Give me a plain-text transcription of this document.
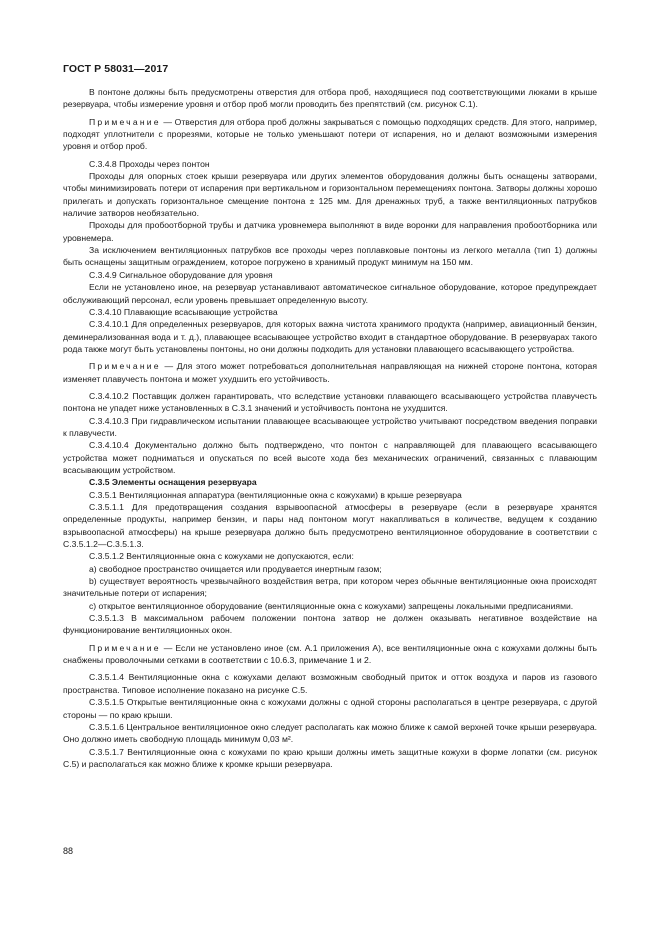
ГОСТ Р 58031—2017

В понтоне должны быть предусмотрены отверстия для отбора проб, находящиеся под соответствующими люками в крыше резервуара, чтобы измерение уровня и отбор проб могли проводить без препятствий (см. рисунок С.1).

Примечание — Отверстия для отбора проб должны закрываться с помощью подходящих средств. Для этого, например, подходят уплотнители с прорезями, которые не только уменьшают потери от испарения, но и делают возможными измерения уровня и отбор проб.

С.3.4.8 Проходы через понтон

Проходы для опорных стоек крыши резервуара или других элементов оборудования должны быть оснащены затворами, чтобы минимизировать потери от испарения при вертикальном и горизонтальном перемещениях понтона. Затворы должны хорошо прилегать и допускать горизонтальное смещение понтона ± 125 мм. Для дренажных труб, а также вентиляционных патрубков наличие затворов необязательно.

Проходы для пробоотборной трубы и датчика уровнемера выполняют в виде воронки для направления пробоотборника или уровнемера.

За исключением вентиляционных патрубков все проходы через поплавковые понтоны из легкого металла (тип 1) должны быть оснащены защитным ограждением, которое погружено в хранимый продукт минимум на 150 мм.

С.3.4.9 Сигнальное оборудование для уровня

Если не установлено иное, на резервуар устанавливают автоматическое сигнальное оборудование, которое предупреждает обслуживающий персонал, если уровень превышает определенную высоту.

С.3.4.10 Плавающие всасывающие устройства

С.3.4.10.1 Для определенных резервуаров, для которых важна чистота хранимого продукта (например, авиационный бензин, деминерализованная вода и т. д.), плавающее всасывающее устройство входит в стандартное оборудование. В резервуарах такого рода также могут быть установлены понтоны, но они должны подходить для установки плавающего всасывающего устройства.

Примечание — Для этого может потребоваться дополнительная направляющая на нижней стороне понтона, которая изменяет плавучесть понтона и может ухудшить его устойчивость.

С.3.4.10.2 Поставщик должен гарантировать, что вследствие установки плавающего всасывающего устройства плавучесть понтона не упадет ниже установленных в С.3.1 значений и устойчивость понтона не ухудшится.

С.3.4.10.3 При гидравлическом испытании плавающее всасывающее устройство учитывают посредством введения поправки к плавучести.

С.3.4.10.4 Документально должно быть подтверждено, что понтон с направляющей для плавающего всасывающего устройства может подниматься и опускаться по всей высоте хода без механических ограничений, связанных с плавающим всасывающим устройством.

С.3.5 Элементы оснащения резервуара

С.3.5.1 Вентиляционная аппаратура (вентиляционные окна с кожухами) в крыше резервуара

С.3.5.1.1 Для предотвращения создания взрывоопасной атмосферы в резервуаре (если в резервуаре хранятся определенные продукты, например бензин, и пары над понтоном могут накапливаться в количестве, ведущем к созданию взрывоопасной атмосферы) на крыше резервуара должно быть предусмотрено вентиляционное оборудование в соответствии с С.3.5.1.2—С.3.5.1.3.

С.3.5.1.2 Вентиляционные окна с кожухами не допускаются, если:

а) свободное пространство очищается или продувается инертным газом;

b) существует вероятность чрезвычайного воздействия ветра, при котором через обычные вентиляционные окна происходят значительные потери от испарения;

с) открытое вентиляционное оборудование (вентиляционные окна с кожухами) запрещены локальными предписаниями.

С.3.5.1.3 В максимальном рабочем положении понтона затвор не должен оказывать негативное воздействие на функционирование вентиляционных окон.

Примечание — Если не установлено иное (см. А.1 приложения А), все вентиляционные окна с кожухами должны быть снабжены проволочными сетками в соответствии с 10.6.3, примечание 1 и 2.

С.3.5.1.4 Вентиляционные окна с кожухами делают возможным свободный приток и отток воздуха и паров из газового пространства. Типовое исполнение показано на рисунке С.5.

С.3.5.1.5 Открытые вентиляционные окна с кожухами должны с одной стороны располагаться в центре резервуара, с другой стороны — по краю крыши.

С.3.5.1.6 Центральное вентиляционное окно следует располагать как можно ближе к самой верхней точке крыши резервуара. Оно должно иметь свободную площадь минимум 0,03 м².

С.3.5.1.7 Вентиляционные окна с кожухами по краю крыши должны иметь защитные кожухи в форме лопатки (см. рисунок С.5) и располагаться как можно ближе к кромке крыши резервуара.

88
